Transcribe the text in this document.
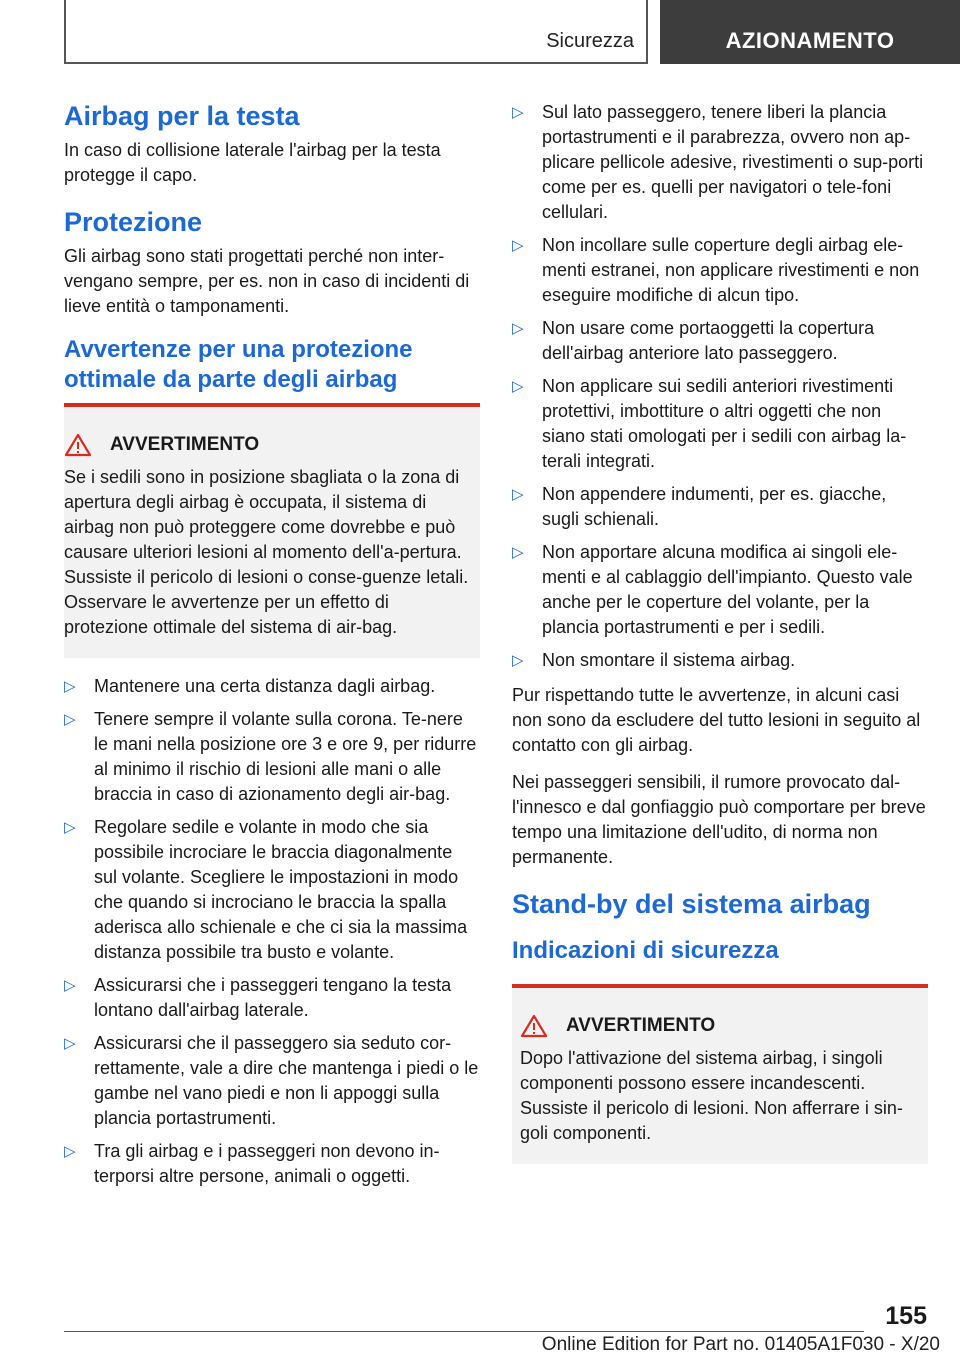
Sicurezza	AZIONAMENTO
Airbag per la testa

In caso di collisione laterale l'airbag per la testa protegge il capo.

Protezione

Gli airbag sono stati progettati perché non inter‐vengano sempre, per es. non in caso di incidenti di lieve entità o tamponamenti.

Avvertenze per una protezione ottimale da parte degli airbag
AVVERTIMENTO

Se i sedili sono in posizione sbagliata o la zona di apertura degli airbag è occupata, il sistema di airbag non può proteggere come dovrebbe e può causare ulteriori lesioni al momento dell'a‐pertura. Sussiste il pericolo di lesioni o conse‐guenze letali. Osservare le avvertenze per un effetto di protezione ottimale del sistema di air‐bag.

▷ Mantenere una certa distanza dagli airbag.
▷ Tenere sempre il volante sulla corona. Te‐nere le mani nella posizione ore 3 e ore 9, per ridurre al minimo il rischio di lesioni alle mani o alle braccia in caso di azionamento degli air‐bag.
▷ Regolare sedile e volante in modo che sia possibile incrociare le braccia diagonalmente sul volante. Scegliere le impostazioni in modo che quando si incrociano le braccia la spalla aderisca allo schienale e che ci sia la massima distanza possibile tra busto e volante.
▷ Assicurarsi che i passeggeri tengano la testa lontano dall'airbag laterale.
▷ Assicurarsi che il passeggero sia seduto cor‐rettamente, vale a dire che mantenga i piedi o le gambe nel vano piedi e non li appoggi sulla plancia portastrumenti.
▷ Tra gli airbag e i passeggeri non devono in‐terporsi altre persone, animali o oggetti.
▷ Sul lato passeggero, tenere liberi la plancia portastrumenti e il parabrezza, ovvero non ap‐plicare pellicole adesive, rivestimenti o sup‐porti come per es. quelli per navigatori o tele‐foni cellulari.
▷ Non incollare sulle coperture degli airbag ele‐menti estranei, non applicare rivestimenti e non eseguire modifiche di alcun tipo.
▷ Non usare come portaoggetti la copertura dell'airbag anteriore lato passeggero.
▷ Non applicare sui sedili anteriori rivestimenti protettivi, imbottiture o altri oggetti che non siano stati omologati per i sedili con airbag la‐terali integrati.
▷ Non appendere indumenti, per es. giacche, sugli schienali.
▷ Non apportare alcuna modifica ai singoli ele‐menti e al cablaggio dell'impianto. Questo vale anche per le coperture del volante, per la plancia portastrumenti e per i sedili.
▷ Non smontare il sistema airbag.

Pur rispettando tutte le avvertenze, in alcuni casi non sono da escludere del tutto lesioni in seguito al contatto con gli airbag.

Nei passeggeri sensibili, il rumore provocato dal‐l'innesco e dal gonfiaggio può comportare per breve tempo una limitazione dell'udito, di norma non permanente.

Stand-by del sistema airbag
Indicazioni di sicurezza
AVVERTIMENTO

Dopo l'attivazione del sistema airbag, i singoli componenti possono essere incandescenti. Sussiste il pericolo di lesioni. Non afferrare i sin‐goli componenti.

155
Online Edition for Part no. 01405A1F030 - X/20
